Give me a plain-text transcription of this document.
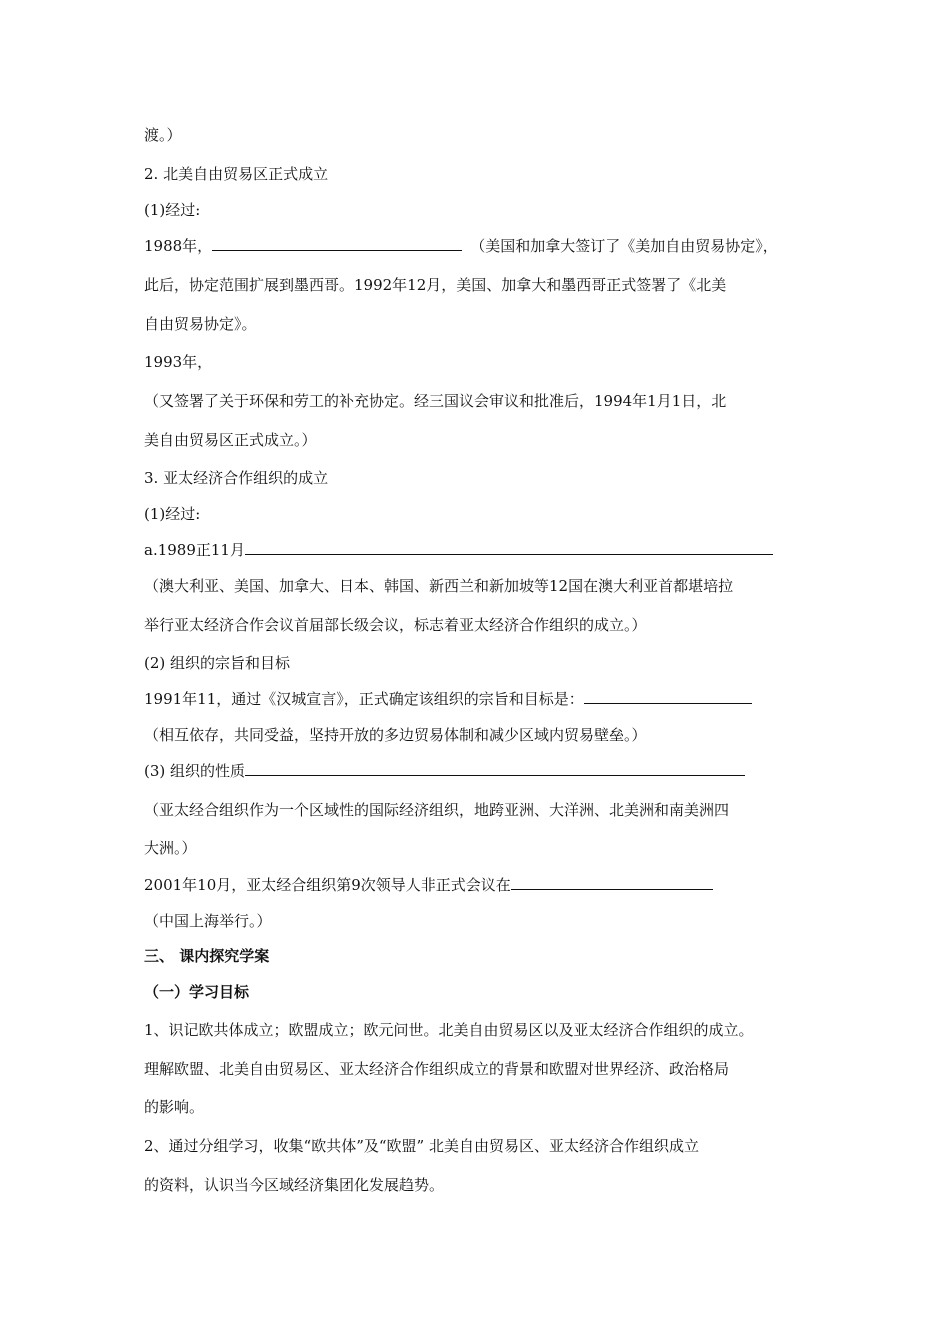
渡。）
2. 北美自由贸易区正式成立
(1)经过:
1988年，	（美国和加拿大签订了《美加自由贸易协定》，
此后，协定范围扩展到墨西哥。1992年12月，美国、加拿大和墨西哥正式签署了《北美
自由贸易协定》。
1993年，
（又签署了关于环保和劳工的补充协定。经三国议会审议和批准后，1994年1月1日，北
美自由贸易区正式成立。）
3. 亚太经济合作组织的成立
(1)经过:
a.1989正11月
（澳大利亚、美国、加拿大、日本、韩国、新西兰和新加坡等12国在澳大利亚首都堪培拉
举行亚太经济合作会议首届部长级会议，标志着亚太经济合作组织的成立。）
(2) 组织的宗旨和目标
1991年11，通过《汉城宣言》，正式确定该组织的宗旨和目标是：
（相互依存，共同受益，坚持开放的多边贸易体制和减少区域内贸易壁垒。）
(3) 组织的性质
（亚太经合组织作为一个区域性的国际经济组织，地跨亚洲、大洋洲、北美洲和南美洲四
大洲。）
2001年10月，亚太经合组织第9次领导人非正式会议在
（中国上海举行。）
三、 课内探究学案
（一）学习目标
1、识记欧共体成立；欧盟成立；欧元问世。北美自由贸易区以及亚太经济合作组织的成立。
理解欧盟、北美自由贸易区、亚太经济合作组织成立的背景和欧盟对世界经济、政治格局
的影响。
2、通过分组学习，收集“欧共体”及“欧盟” 北美自由贸易区、亚太经济合作组织成立
的资料，认识当今区域经济集团化发展趋势。
